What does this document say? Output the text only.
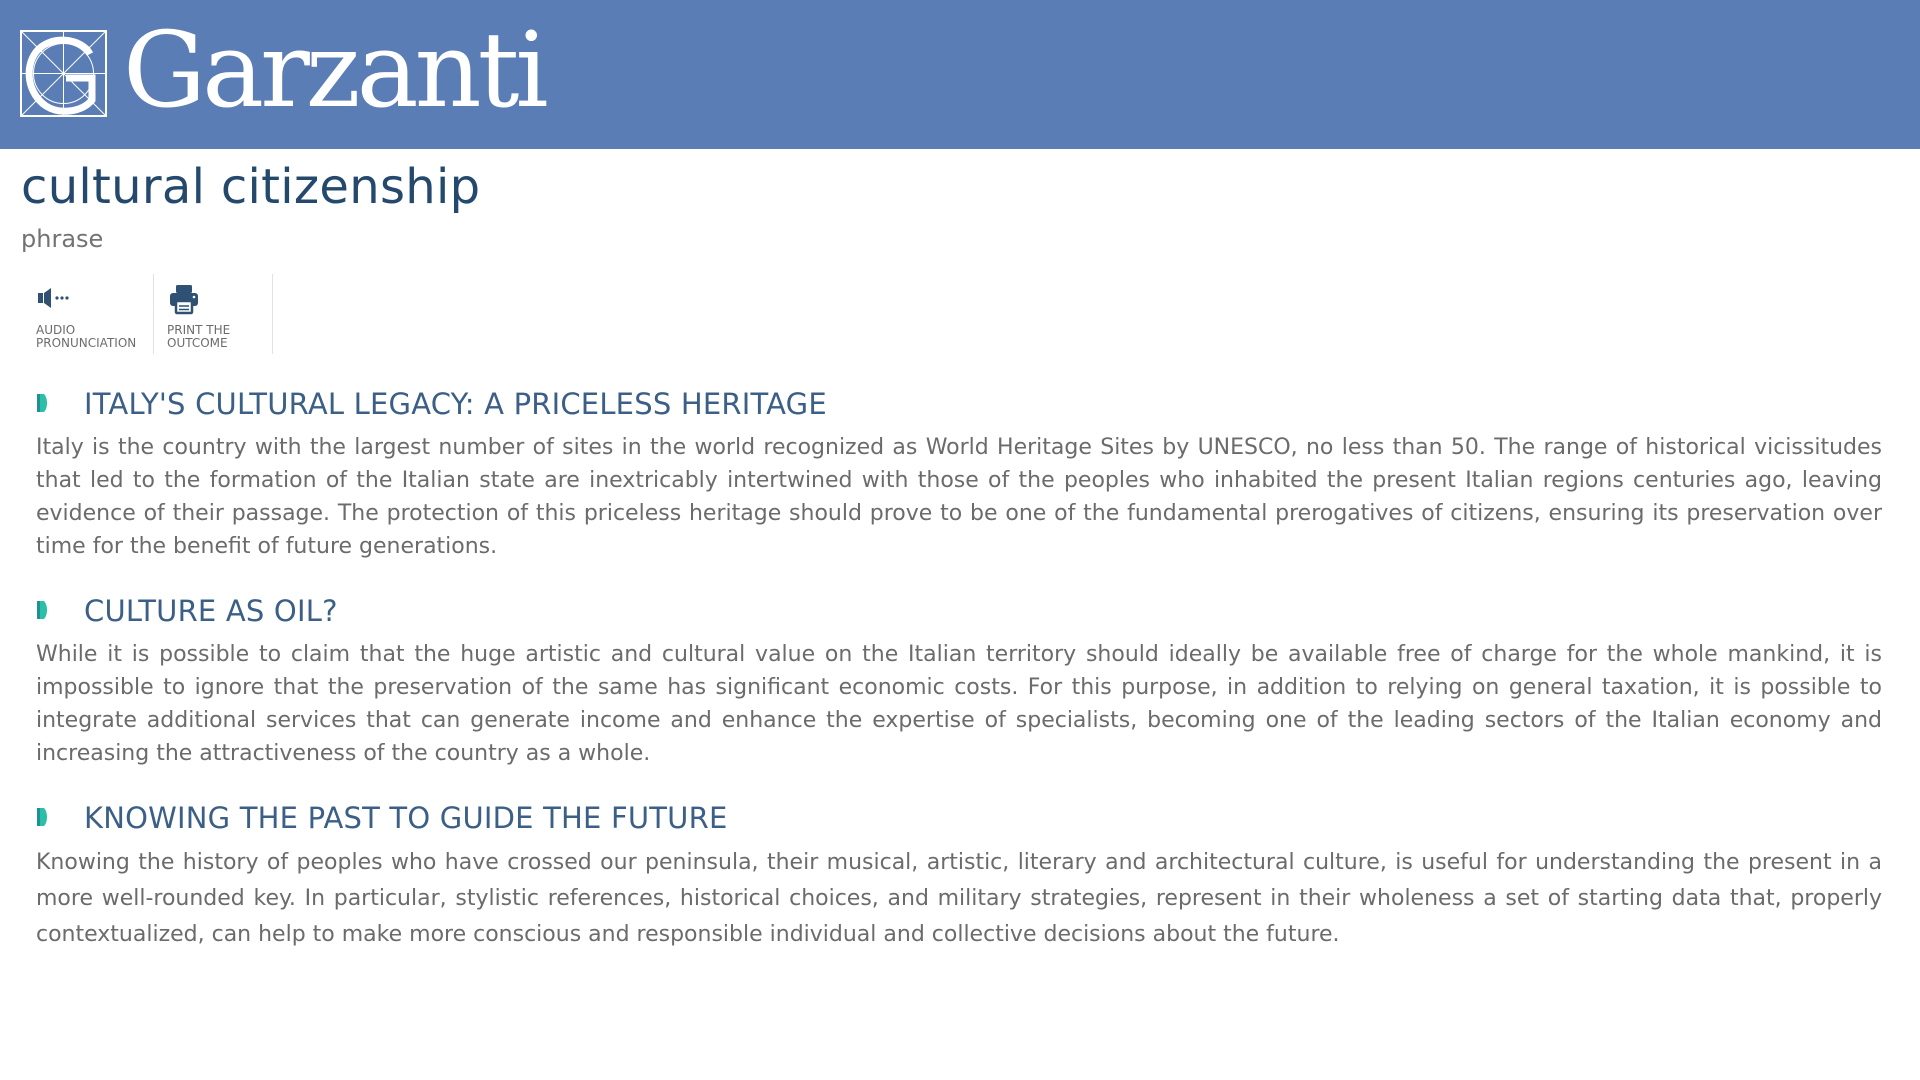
Garzanti
cultural citizenship
phrase
AUDIO
PRONUNCIATION
PRINT THE
OUTCOME
ITALY'S CULTURAL LEGACY: A PRICELESS HERITAGE

Italy is the country with the largest number of sites in the world recognized as World Heritage Sites by UNESCO, no less than 50. The range of historical vicissitudes that led to the formation of the Italian state are inextricably intertwined with those of the peoples who inhabited the present Italian regions centuries ago, leaving evidence of their passage. The protection of this priceless heritage should prove to be one of the fundamental prerogatives of citizens, ensuring its preservation over time for the benefit of future generations.

CULTURE AS OIL?

While it is possible to claim that the huge artistic and cultural value on the Italian territory should ideally be available free of charge for the whole mankind, it is impossible to ignore that the preservation of the same has significant economic costs. For this purpose, in addition to relying on general taxation, it is possible to integrate additional services that can generate income and enhance the expertise of specialists, becoming one of the leading sectors of the Italian economy and increasing the attractiveness of the country as a whole.

KNOWING THE PAST TO GUIDE THE FUTURE

Knowing the history of peoples who have crossed our peninsula, their musical, artistic, literary and architectural culture, is useful for understanding the present in a more well-rounded key. In particular, stylistic references, historical choices, and military strategies, represent in their wholeness a set of starting data that, properly contextualized, can help to make more conscious and responsible individual and collective decisions about the future.
